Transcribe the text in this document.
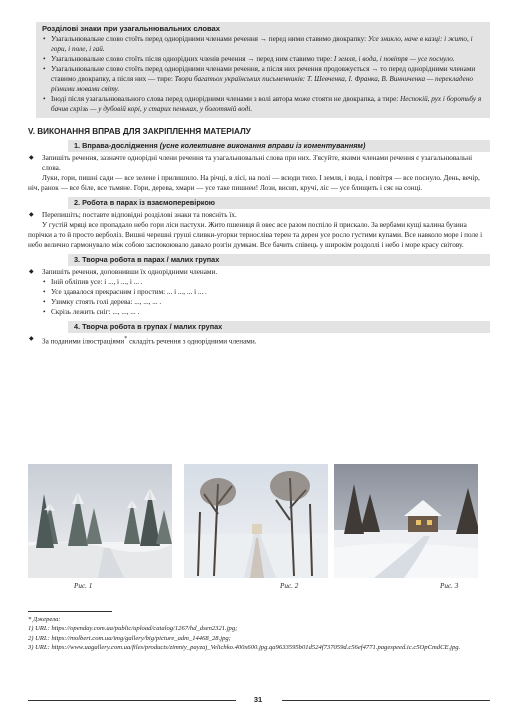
Розділові знаки при узагальнювальних словах
• Узагальнювальне слово стоїть перед однорідними членами речення → перед ними ставимо двокрапку: Усе зникло, наче в казці: і жито, і гори, і поле, і гай.
• Узагальнювальне слово стоїть після однорідних членів речення → перед ним ставимо тире: І земля, і вода, і повітря — усе поснуло.
• Узагальнювальне слово стоїть перед однорідними членами речення, а після них речення продовжується → то перед однорідними членами ставимо двокрапку, а після них — тире: Твори багатьох українських письменників: Т. Шевченка, І. Франка, В. Винниченка — перекладено різними мовами світу.
• Іноді після узагальнювального слова перед однорідними членами з волі автора може стояти не двокрапка, а тире: Неспокій, рух і боротьбу я бачив скрізь — у дубовій корі, у старих пеньках, у болотяній воді.
V. ВИКОНАННЯ ВПРАВ ДЛЯ ЗАКРІПЛЕННЯ МАТЕРІАЛУ
1. Вправа-дослідження (усне колективне виконання вправи із коментуванням)
◆ Запишіть речення, зазначте однорідні члени речення та узагальнювальні слова при них. З'ясуйте, якими членами речення є узагальнювальні слова.

Луки, гори, пишні сади — все зелене і прилишило. На річці, в лісі, на полі — всюди тихо. І земля, і вода, і повітря — все поснуло. День, вечір, ніч, ранок — все біле, все тьмяне. Гори, дерева, хмари — усе таке пишнеи! Лози, висип, кручі, ліс — усе блищить і сяє на сонці.

2. Робота в парах із взаємоперевіркою
◆ Перепишіть; поставте відповідні розділові знаки та поясніть їх.

У густій мряці все пропадало небо гори ліси пастухи. Жито пшениця й овес все разом поспіло й прискало. За вербами кущі калина бузина порічки а то й просто верболіз. Вишні черешні груші сливки-угорки терносліва терен та дерен усе росло густими купами. Все навколо море і поле і небо велично гармонувало між собою заспокоювало давало розгін думкам. Все бачить співець у широкім роздоллі і небо і море красу світову.

3. Творча робота в парах / малих групах
◆ Запишіть речення, доповнивши їх однорідними членами.
• Іній обліпив усе: і ..., і ..., і ... .
• Усе здавалося прекрасним і простим: ... і ..., ... і ... .
• Узимку стоять голі дерева: ..., ..., ... .
• Скрізь лежить сніг: ..., ..., ... .
4. Творча робота в групах / малих групах
◆ За поданими ілюстраціями* складіть речення з однорідними членами.
Рис. 1	Рис. 2	Рис. 3
* Джерела:
1) URL: https://openday.com.ua/public/upload/catalog/1267/hd_dsen2321.jpg;
2) URL: https://molbert.com.ua/img/gallery/big/picture_adm_14468_28.jpg;
3) URL: https://www.uagallery.com.ua/files/products/zimniy_payzaj_Velichko.400x600.jpg.qa9633595b01d524f737059d.c56ef4771.pagespeed.ic.c5OpCmdCE.jpg.
31
